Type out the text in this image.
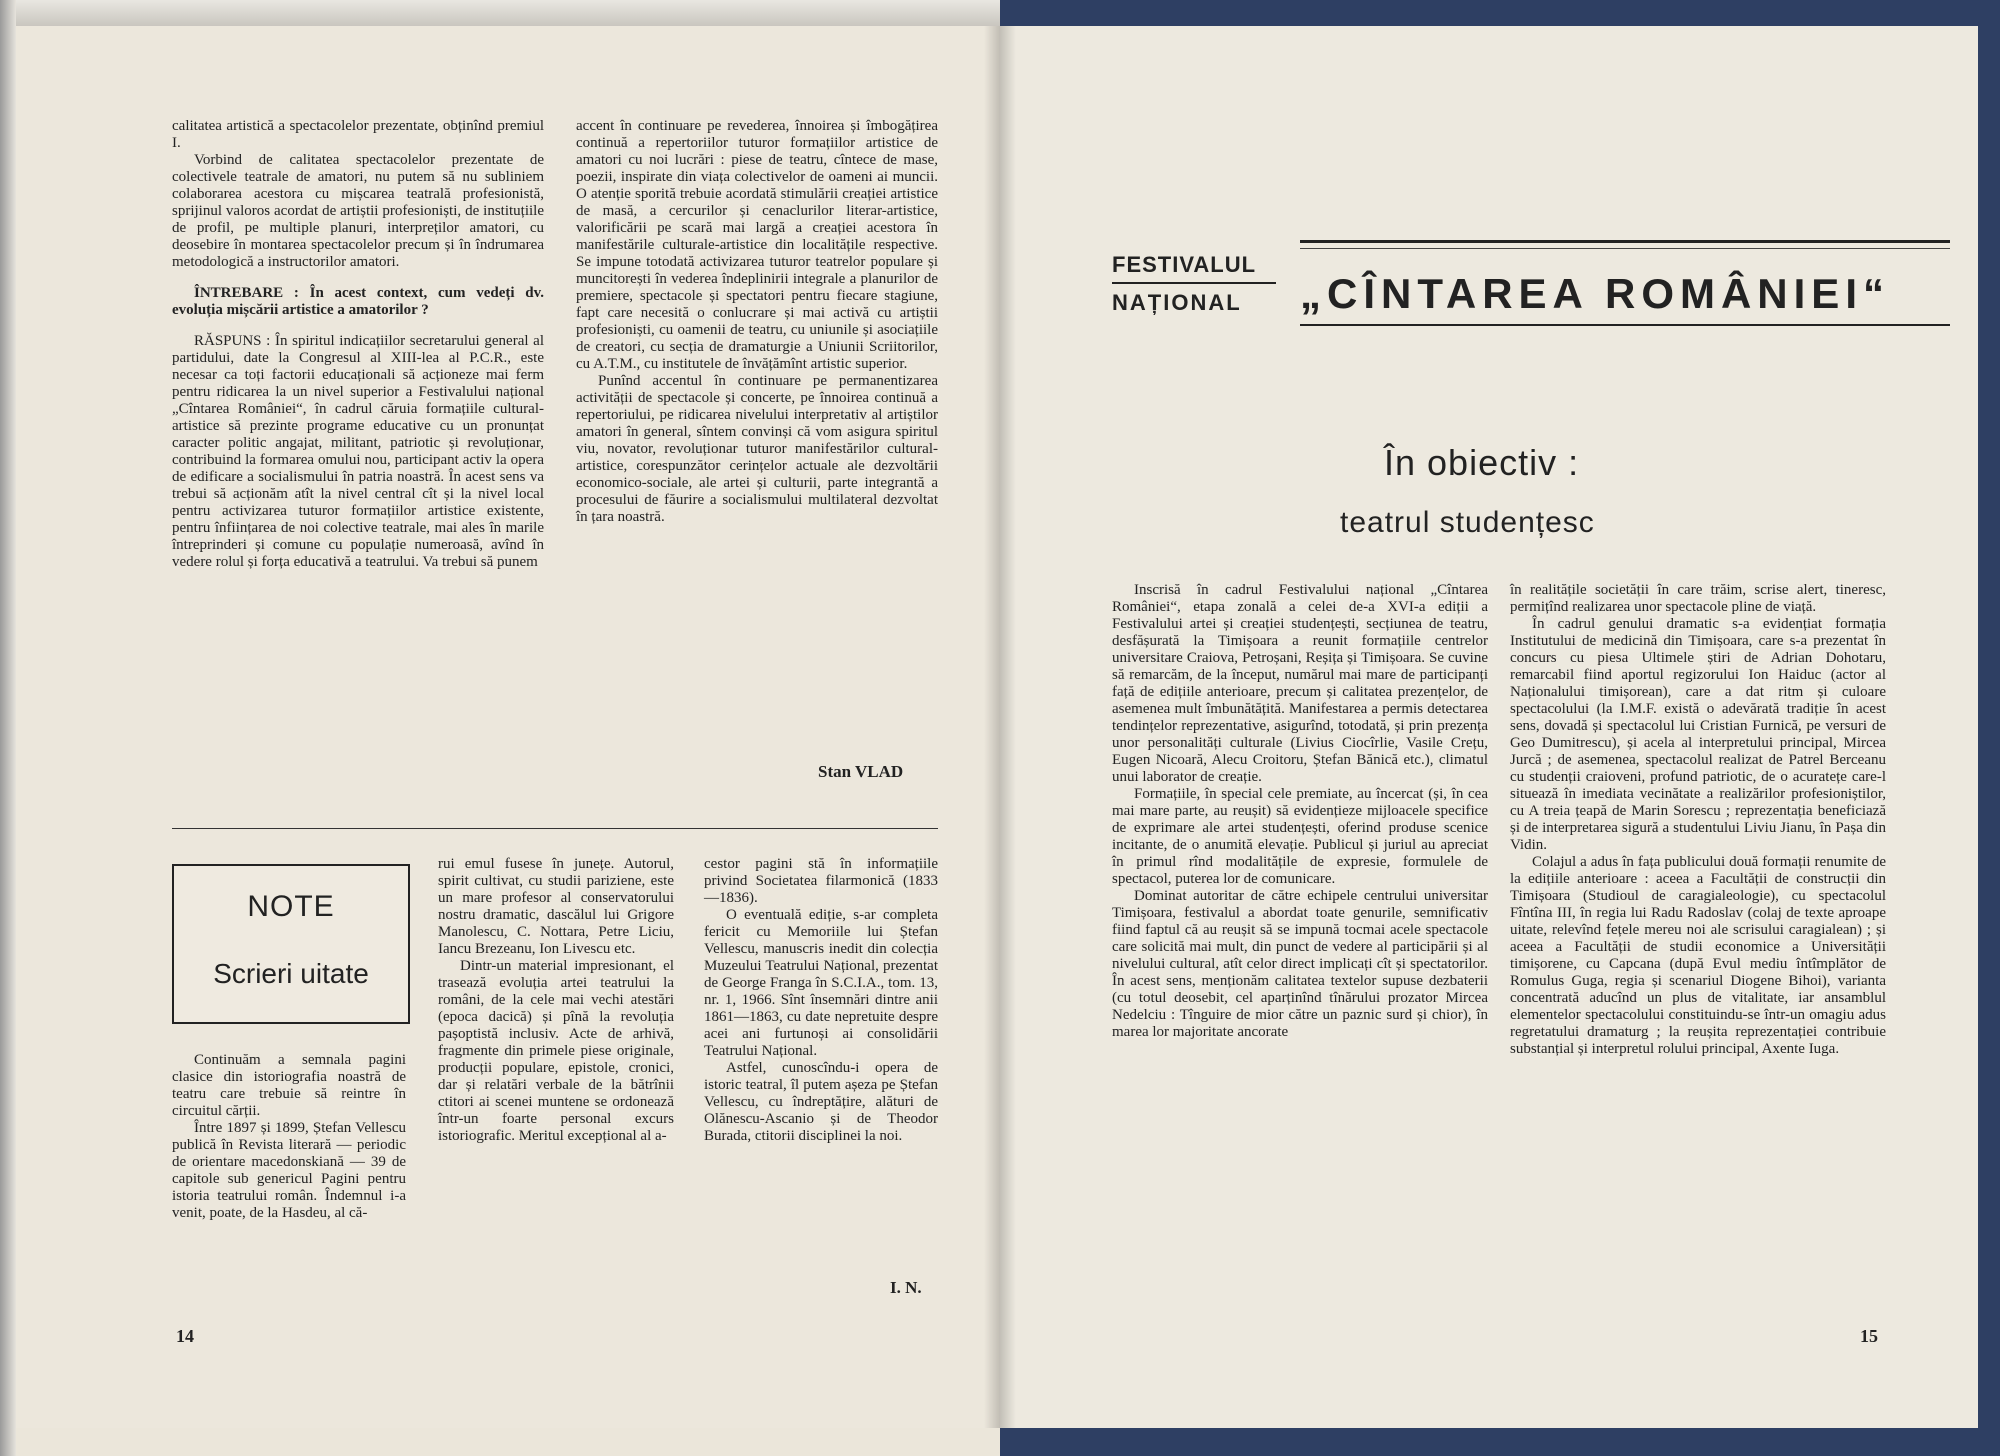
calitatea artistică a spectacolelor prezentate, obținînd premiul I.

Vorbind de calitatea spectacolelor prezentate de colectivele teatrale de amatori, nu putem să nu subliniem colaborarea acestora cu mișcarea teatrală profesionistă, sprijinul valoros acordat de artiștii profesioniști, de instituțiile de profil, pe multiple planuri, interpreților amatori, cu deosebire în montarea spectacolelor precum și în îndrumarea metodologică a instructorilor amatori.

ÎNTREBARE : În acest context, cum vedeți dv. evoluția mișcării artistice a amatorilor ?

RĂSPUNS : În spiritul indicațiilor secretarului general al partidului, date la Congresul al XIII-lea al P.C.R., este necesar ca toți factorii educaționali să acționeze mai ferm pentru ridicarea la un nivel superior a Festivalului național „Cîntarea României“, în cadrul căruia formațiile cultural-artistice să prezinte programe educative cu un pronunțat caracter politic angajat, militant, patriotic și revoluționar, contribuind la formarea omului nou, participant activ la opera de edificare a socialismului în patria noastră. În acest sens va trebui să acționăm atît la nivel central cît și la nivel local pentru activizarea tuturor formațiilor artistice existente, pentru înființarea de noi colective teatrale, mai ales în marile întreprinderi și comune cu populație numeroasă, avînd în vedere rolul și forța educativă a teatrului. Va trebui să punem

accent în continuare pe revederea, înnoirea și îmbogățirea continuă a repertoriilor tuturor formațiilor artistice de amatori cu noi lucrări : piese de teatru, cîntece de mase, poezii, inspirate din viața colectivelor de oameni ai muncii. O atenție sporită trebuie acordată stimulării creației artistice de masă, a cercurilor și cenaclurilor literar-artistice, valorificării pe scară mai largă a creației acestora în manifestările culturale-artistice din localitățile respective. Se impune totodată activizarea tuturor teatrelor populare și muncitorești în vederea îndeplinirii integrale a planurilor de premiere, spectacole și spectatori pentru fiecare stagiune, fapt care necesită o conlucrare și mai activă cu artiștii profesioniști, cu oamenii de teatru, cu uniunile și asociațiile de creatori, cu secția de dramaturgie a Uniunii Scriitorilor, cu A.T.M., cu institutele de învățămînt artistic superior.

Punînd accentul în continuare pe permanentizarea activității de spectacole și concerte, pe înnoirea continuă a repertoriului, pe ridicarea nivelului interpretativ al artiștilor amatori în general, sîntem convinși că vom asigura spiritul viu, novator, revoluționar tuturor manifestărilor cultural-artistice, corespunzător cerințelor actuale ale dezvoltării economico-sociale, ale artei și culturii, parte integrantă a procesului de făurire a socialismului multilateral dezvoltat în țara noastră.

Stan VLAD
NOTE
Scrieri uitate

Continuăm a semnala pagini clasice din istoriografia noastră de teatru care trebuie să reintre în circuitul cărții.

Între 1897 și 1899, Ștefan Vellescu publică în Revista literară — periodic de orientare macedonskiană — 39 de capitole sub genericul Pagini pentru istoria teatrului român. Îndemnul i-a venit, poate, de la Hasdeu, al că-

rui emul fusese în junețe. Autorul, spirit cultivat, cu studii pariziene, este un mare profesor al conservatorului nostru dramatic, dascălul lui Grigore Manolescu, C. Nottara, Petre Liciu, Iancu Brezeanu, Ion Livescu etc.

Dintr-un material impresionant, el trasează evoluția artei teatrului la români, de la cele mai vechi atestări (epoca dacică) și pînă la revoluția pașoptistă inclusiv. Acte de arhivă, fragmente din primele piese originale, producții populare, epistole, cronici, dar și relatări verbale de la bătrînii ctitori ai scenei muntene se ordonează într-un foarte personal excurs istoriografic. Meritul excepțional al a-

cestor pagini stă în informațiile privind Societatea filarmonică (1833—1836).

O eventuală ediție, s-ar completa fericit cu Memoriile lui Ștefan Vellescu, manuscris inedit din colecția Muzeului Teatrului Național, prezentat de George Franga în S.C.I.A., tom. 13, nr. 1, 1966. Sînt însemnări dintre anii 1861—1863, cu date nepretuite despre acei ani furtunoși ai consolidării Teatrului Național.

Astfel, cunoscîndu-i opera de istoric teatral, îl putem așeza pe Ștefan Vellescu, cu îndreptățire, alături de Olănescu-Ascanio și de Theodor Burada, ctitorii disciplinei la noi.

I. N.
14
FESTIVALUL
NAȚIONAL „CÎNTAREA ROMÂNIEI“
În obiectiv :
teatrul studențesc

Inscrisă în cadrul Festivalului național „Cîntarea României“, etapa zonală a celei de-a XVI-a ediții a Festivalului artei și creației studențești, secțiunea de teatru, desfășurată la Timișoara a reunit formațiile centrelor universitare Craiova, Petroșani, Reșița și Timișoara. Se cuvine să remarcăm, de la început, numărul mai mare de participanți față de edițiile anterioare, precum și calitatea prezențelor, de asemenea mult îmbunătățită. Manifestarea a permis detectarea tendințelor reprezentative, asigurînd, totodată, și prin prezența unor personalități culturale (Livius Ciocîrlie, Vasile Crețu, Eugen Nicoară, Alecu Croitoru, Ștefan Bănică etc.), climatul unui laborator de creație.

Formațiile, în special cele premiate, au încercat (și, în cea mai mare parte, au reușit) să evidențieze mijloacele specifice de exprimare ale artei studențești, oferind produse scenice incitante, de o anumită elevație. Publicul și juriul au apreciat în primul rînd modalitățile de expresie, formulele de spectacol, puterea lor de comunicare.

Dominat autoritar de către echipele centrului universitar Timișoara, festivalul a abordat toate genurile, semnificativ fiind faptul că au reușit să se impună tocmai acele spectacole care solicită mai mult, din punct de vedere al participării și al nivelului cultural, atît celor direct implicați cît și spectatorilor. În acest sens, menționăm calitatea textelor supuse dezbaterii (cu totul deosebit, cel aparținînd tînărului prozator Mircea Nedelciu : Tînguire de mior către un paznic surd și chior), în marea lor majoritate ancorate

în realitățile societății în care trăim, scrise alert, tineresc, permițînd realizarea unor spectacole pline de viață.

În cadrul genului dramatic s-a evidențiat formația Institutului de medicină din Timișoara, care s-a prezentat în concurs cu piesa Ultimele știri de Adrian Dohotaru, remarcabil fiind aportul regizorului Ion Haiduc (actor al Naționalului timișorean), care a dat ritm și culoare spectacolului (la I.M.F. există o adevărată tradiție în acest sens, dovadă și spectacolul lui Cristian Furnică, pe versuri de Geo Dumitrescu), și acela al interpretului principal, Mircea Jurcă ; de asemenea, spectacolul realizat de Patrel Berceanu cu studenții craioveni, profund patriotic, de o acuratețe care-l situează în imediata vecinătate a realizărilor profesioniștilor, cu A treia țeapă de Marin Sorescu ; reprezentația beneficiază și de interpretarea sigură a studentului Liviu Jianu, în Pașa din Vidin.

Colajul a adus în fața publicului două formații renumite de la edițiile anterioare : aceea a Facultății de construcții din Timișoara (Studioul de caragialeologie), cu spectacolul Fîntîna III, în regia lui Radu Radoslav (colaj de texte aproape uitate, relevînd fețele mereu noi ale scrisului caragialean) ; și aceea a Facultății de studii economice a Universității timișorene, cu Capcana (după Evul mediu întîmplător de Romulus Guga, regia și scenariul Diogene Bihoi), varianta concentrată aducînd un plus de vitalitate, iar ansamblul elementelor spectacolului constituindu-se într-un omagiu adus regretatului dramaturg ; la reușita reprezentației contribuie substanțial și interpretul rolului principal, Axente Iuga.

15
